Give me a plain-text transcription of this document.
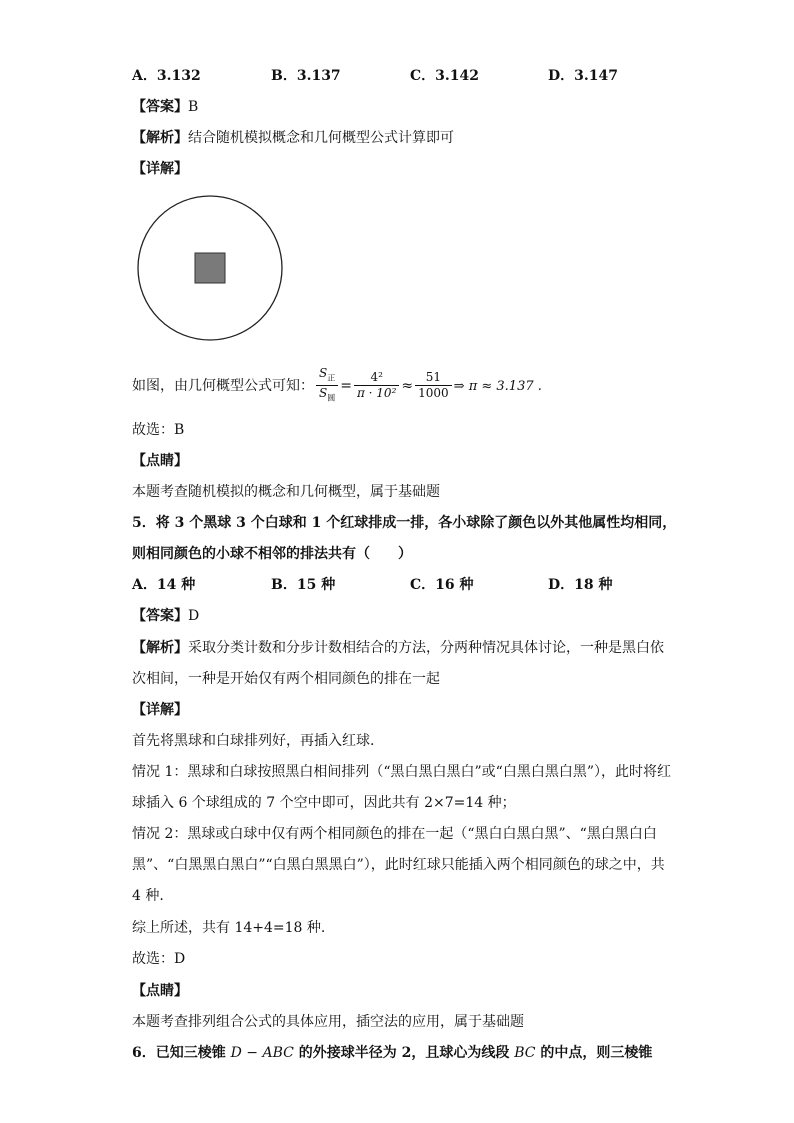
A．3.132	B．3.137	C．3.142	D．3.147
【答案】B
【解析】结合随机模拟概念和几何概型公式计算即可
【详解】
如图，由几何概型公式可知： $\frac{S_正}{S_圆} = \frac{\text{4²}}{\text{π · 10²}} \approx \frac{51}{1000}$ ⇒ π ≈ 3.137 .
故选：B
【点睛】
本题考查随机模拟的概念和几何概型，属于基础题
5．将 3 个黑球 3 个白球和 1 个红球排成一排，各小球除了颜色以外其他属性均相同，
则相同颜色的小球不相邻的排法共有（　　）
A．14 种	B．15 种	C．16 种	D．18 种
【答案】D
【解析】采取分类计数和分步计数相结合的方法，分两种情况具体讨论，一种是黑白依
次相间，一种是开始仅有两个相同颜色的排在一起
【详解】
首先将黑球和白球排列好，再插入红球.
情况 1：黑球和白球按照黑白相间排列（“黑白黑白黑白”或“白黑白黑白黑”），此时将红
球插入 6 个球组成的 7 个空中即可，因此共有 2×7=14 种；
情况 2：黑球或白球中仅有两个相同颜色的排在一起（“黑白白黑白黑”、“黑白黑白白
黑”、“白黑黑白黑白”“白黑白黑黑白”），此时红球只能插入两个相同颜色的球之中，共
4 种.
综上所述，共有 14+4=18 种.
故选：D
【点睛】
本题考查排列组合公式的具体应用，插空法的应用，属于基础题
6．已知三棱锥 D − ABC 的外接球半径为 2，且球心为线段 BC 的中点，则三棱锥
